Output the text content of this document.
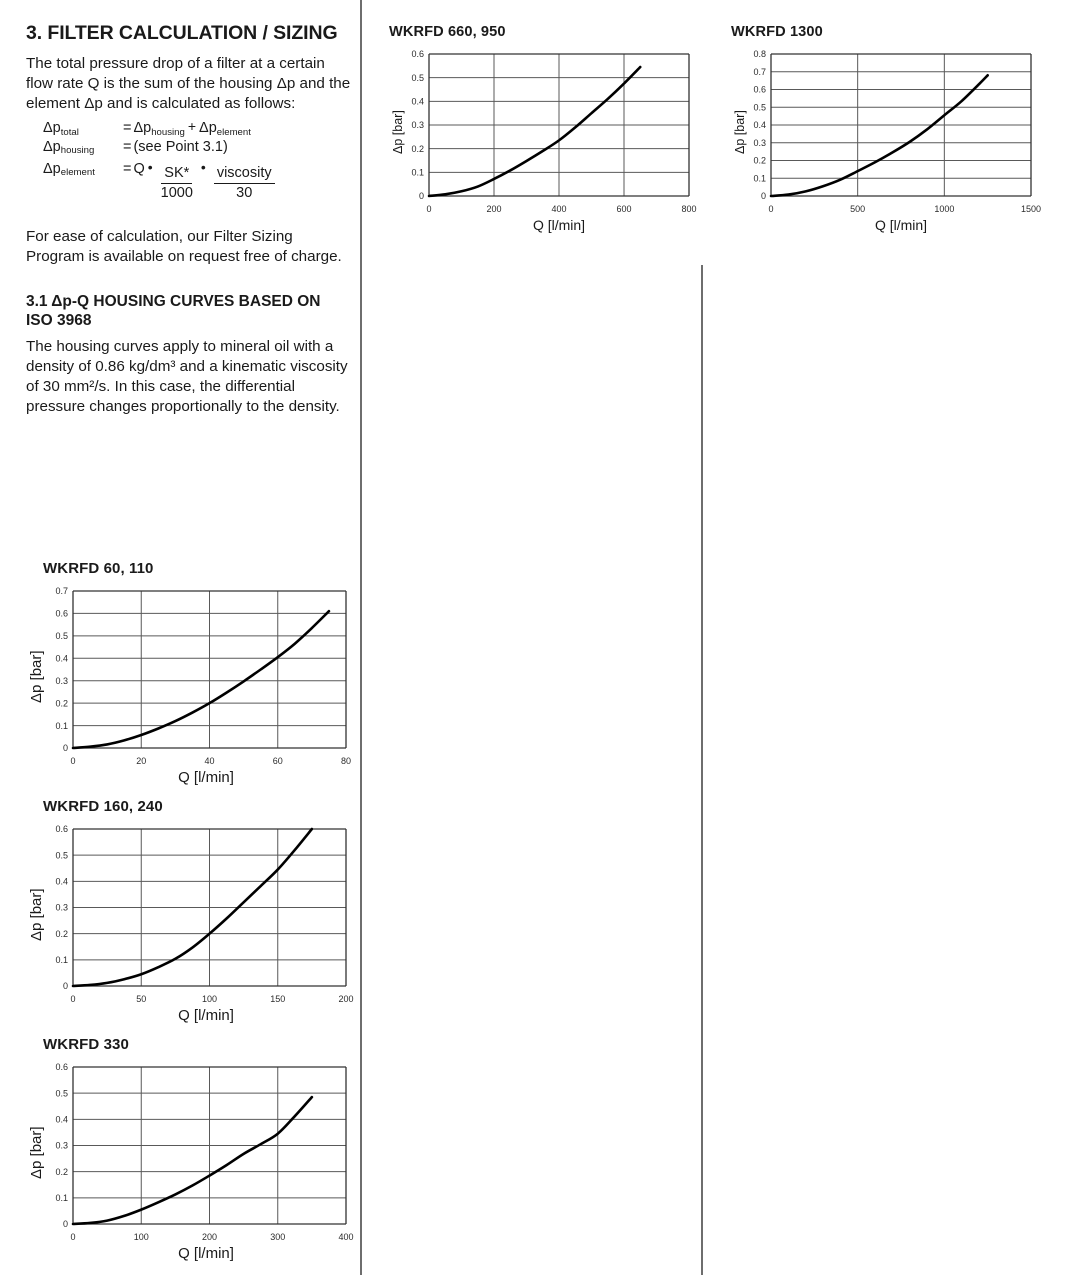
3. FILTER CALCULATION / SIZING

The total pressure drop of a filter at a certain flow rate Q is the sum of the housing Δp and the element Δp and is calculated as follows:

Δptotal	= Δphousing + Δpelement
Δphousing	= (see Point 3.1)
Δpelement	= Q • $\frac{SK*}{1000}$ • $\frac{\text{viscosity}}{30}$

For ease of calculation, our Filter Sizing Program is available on request free of charge.

3.1 Δp-Q HOUSING CURVES BASED ON ISO 3968

The housing curves apply to mineral oil with a density of 0.86 kg/dm³ and a kinematic viscosity of 30 mm²/s. In this case, the differential pressure changes proportionally to the density.

WKRFD 60, 110
Δp [bar]
0
0.1
0.2
0.3
0.4
0.5
0.6
0.7
0	20	40	60	80
Q [l/min]
WKRFD 160, 240
Δp [bar]
0
0.1
0.2
0.3
0.4
0.5
0.6
0	50	100	150	200
Q [l/min]
WKRFD 330
Δp [bar]
0
0.1
0.2
0.3
0.4
0.5
0.6
0	100	200	300	400
Q [l/min]
WKRFD 660, 950
Δp [bar]
0
0.1
0.2
0.3
0.4
0.5
0.6
0	200	400	600	800
Q [l/min]
WKRFD 1300
Δp [bar]
0
0.1
0.2
0.3
0.4
0.5
0.6
0.7
0.8
0	500	1000	1500
Q [l/min]
